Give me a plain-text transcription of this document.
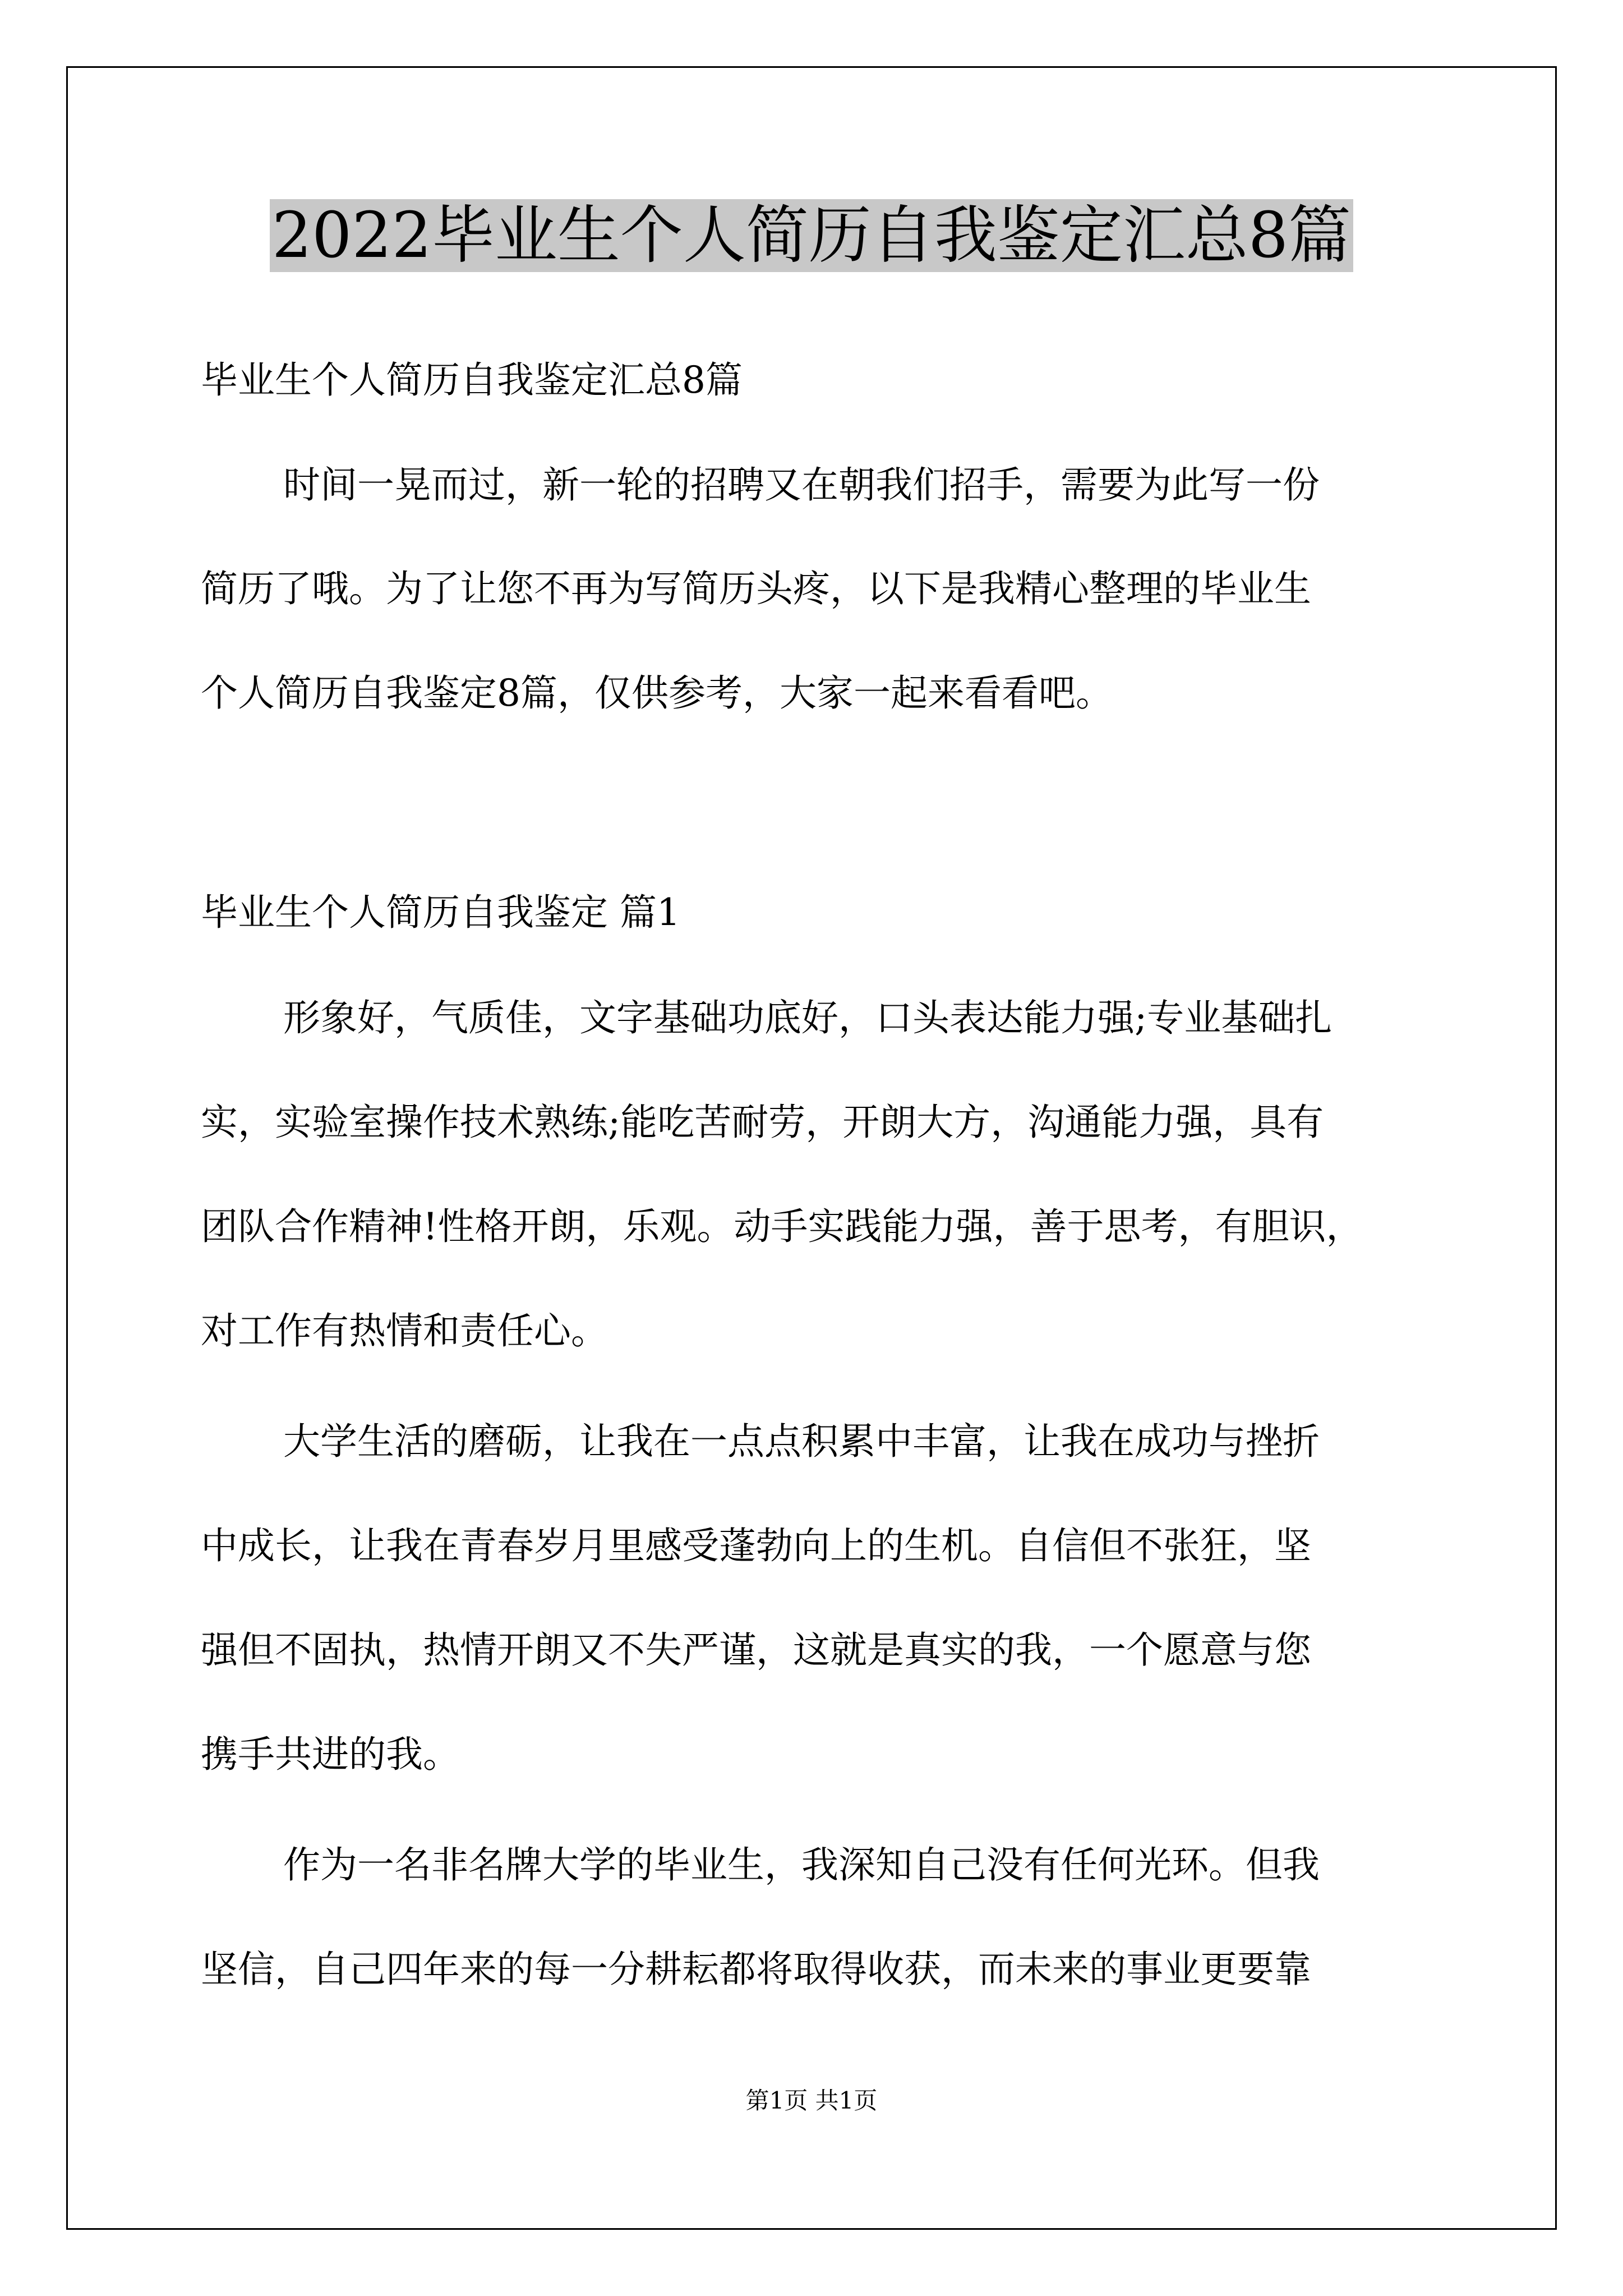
2022毕业生个人简历自我鉴定汇总8篇
毕业生个人简历自我鉴定汇总8篇
时间一晃而过，新一轮的招聘又在朝我们招手，需要为此写一份
简历了哦。为了让您不再为写简历头疼，以下是我精心整理的毕业生
个人简历自我鉴定8篇，仅供参考，大家一起来看看吧。
毕业生个人简历自我鉴定 篇1
形象好，气质佳，文字基础功底好，口头表达能力强;专业基础扎
实，实验室操作技术熟练;能吃苦耐劳，开朗大方，沟通能力强，具有
团队合作精神!性格开朗，乐观。动手实践能力强，善于思考，有胆识，
对工作有热情和责任心。
大学生活的磨砺，让我在一点点积累中丰富，让我在成功与挫折
中成长，让我在青春岁月里感受蓬勃向上的生机。自信但不张狂，坚
强但不固执，热情开朗又不失严谨，这就是真实的我，一个愿意与您
携手共进的我。
作为一名非名牌大学的毕业生，我深知自己没有任何光环。但我
坚信，自己四年来的每一分耕耘都将取得收获，而未来的事业更要靠
第1页 共1页
